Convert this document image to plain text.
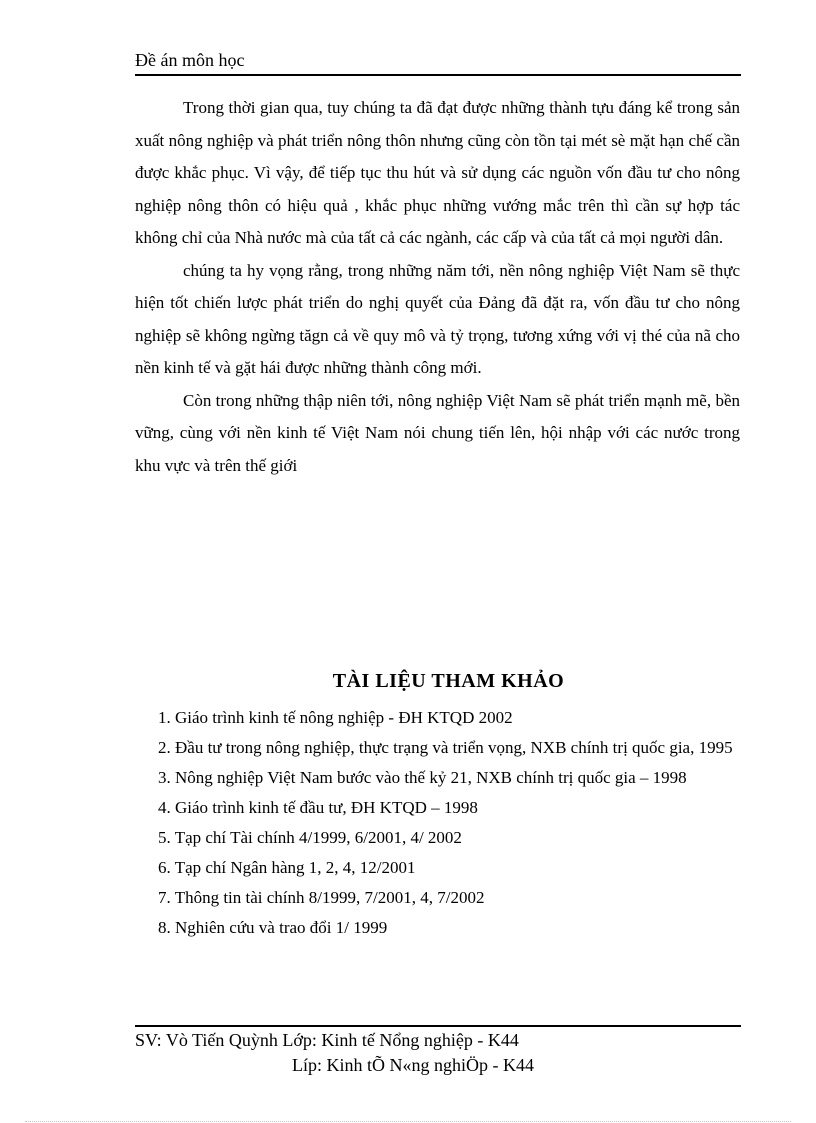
Đề án môn học

Trong thời gian qua, tuy chúng ta đã đạt được những thành tựu đáng kể trong sản xuất nông nghiệp và phát triển nông thôn nhưng cũng còn tồn tại mét sè mặt hạn chế cần được khắc phục. Vì vậy, để tiếp tục thu hút và sử dụng các nguồn vốn đầu tư cho nông nghiệp nông thôn có hiệu quả , khắc phục những vướng mắc trên thì cần sự hợp tác không chỉ của Nhà nước mà của tất cả các ngành, các cấp và của tất cả mọi người dân.

chúng ta hy vọng rằng, trong những năm tới, nền nông nghiệp Việt Nam sẽ thực hiện tốt chiến lược phát triển do nghị quyết của Đảng đã đặt ra, vốn đầu tư cho nông nghiệp sẽ không ngừng tăgn cả về quy mô và tỷ trọng, tương xứng với vị thé của nã cho nền kinh tế và gặt hái được những thành công mới.

Còn trong những thập niên tới, nông nghiệp Việt Nam sẽ phát triển mạnh mẽ, bền vững, cùng với nền kinh tế Việt Nam nói chung tiến lên, hội nhập với các nước trong khu vực và trên thế giới

TÀI LIỆU THAM KHẢO
1. Giáo trình kinh tế nông nghiệp - ĐH KTQD 2002
2. Đầu tư trong nông nghiệp, thực trạng và triển vọng, NXB chính trị quốc gia, 1995
3. Nông nghiệp Việt Nam bước vào thế kỷ 21, NXB chính trị quốc gia – 1998
4. Giáo trình kinh tế đầu tư, ĐH KTQD – 1998
5. Tạp chí Tài chính 4/1999, 6/2001, 4/ 2002
6. Tạp chí Ngân hàng 1, 2, 4, 12/2001
7. Thông tin tài chính 8/1999, 7/2001, 4, 7/2002
8. Nghiên cứu và trao đổi 1/ 1999
SV: Vò Tiến Quỳnh Lớp: Kinh tế Nổng nghiệp - K44
Líp: Kinh tÕ N«ng nghiÖp - K44
